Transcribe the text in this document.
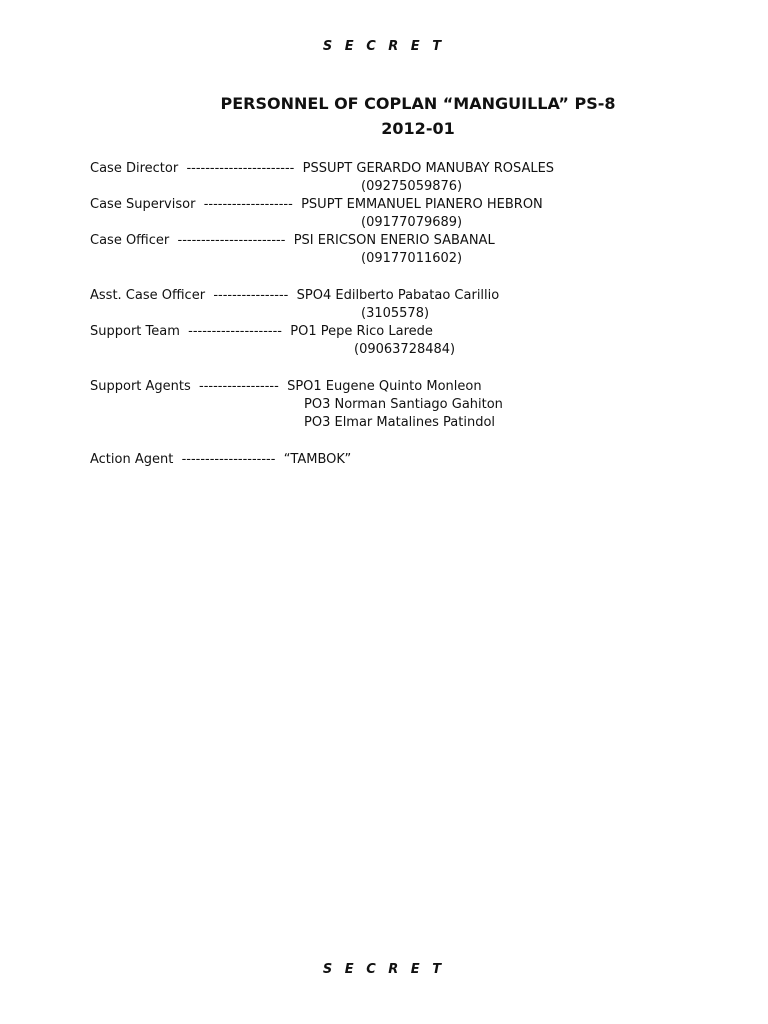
S E C R E T
PERSONNEL OF COPLAN “MANGUILLA” PS-8
2012-01
Case Director ----------------------- PSSUPT GERARDO MANUBAY ROSALES
(09275059876)
Case Supervisor ------------------- PSUPT EMMANUEL PIANERO HEBRON
(09177079689)
Case Officer ----------------------- PSI ERICSON ENERIO SABANAL
(09177011602)
Asst. Case Officer ---------------- SPO4 Edilberto Pabatao Carillio
(3105578)
Support Team -------------------- PO1 Pepe Rico Larede
(09063728484)
Support Agents ----------------- SPO1 Eugene Quinto Monleon
PO3 Norman Santiago Gahiton
PO3 Elmar Matalines Patindol
Action Agent -------------------- “TAMBOK”
S E C R E T
